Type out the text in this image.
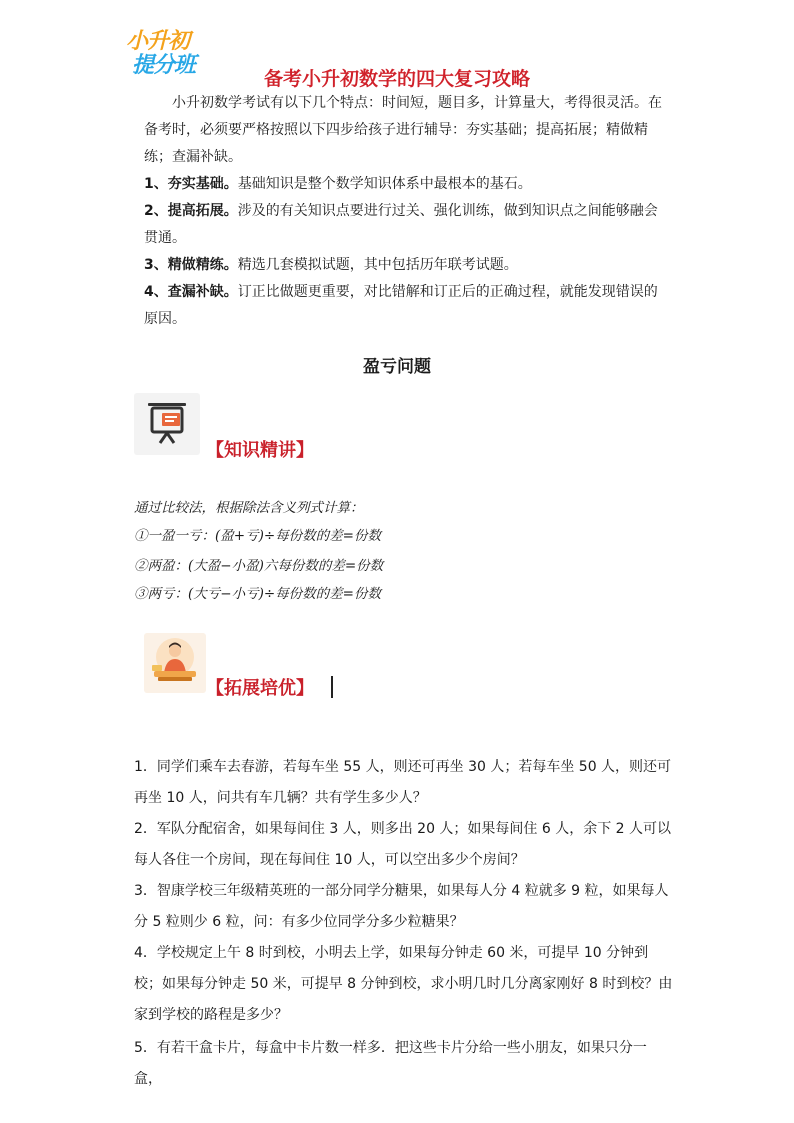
小升初
提分班
备考小升初数学的四大复习攻略
小升初数学考试有以下几个特点：时间短，题目多，计算量大，考得很灵活。在备考时，必须要严格按照以下四步给孩子进行辅导：夯实基础；提高拓展；精做精练；查漏补缺。
1、夯实基础。基础知识是整个数学知识体系中最根本的基石。
2、提高拓展。涉及的有关知识点要进行过关、强化训练，做到知识点之间能够融会贯通。
3、精做精练。精选几套模拟试题，其中包括历年联考试题。
4、查漏补缺。订正比做题更重要，对比错解和订正后的正确过程，就能发现错误的原因。
盈亏问题
【知识精讲】
通过比较法，根据除法含义列式计算：
①一盈一亏：(盈+亏)÷每份数的差=份数
②两盈：(大盈−小盈)六每份数的差=份数
③两亏：(大亏−小亏)÷每份数的差=份数
【拓展培优】
1．同学们乘车去春游，若每车坐 55 人，则还可再坐 30 人；若每车坐 50 人，则还可再坐 10 人，问共有车几辆？共有学生多少人？
2．军队分配宿舍，如果每间住 3 人，则多出 20 人；如果每间住 6 人，余下 2 人可以每人各住一个房间，现在每间住 10 人，可以空出多少个房间？
3．智康学校三年级精英班的一部分同学分糖果，如果每人分 4 粒就多 9 粒，如果每人分 5 粒则少 6 粒，问：有多少位同学分多少粒糖果？
4．学校规定上午 8 时到校，小明去上学，如果每分钟走 60 米，可提早 10 分钟到校；如果每分钟走 50 米，可提早 8 分钟到校，求小明几时几分离家刚好 8 时到校？由家到学校的路程是多少？
5．有若干盒卡片，每盒中卡片数一样多．把这些卡片分给一些小朋友，如果只分一盒，
